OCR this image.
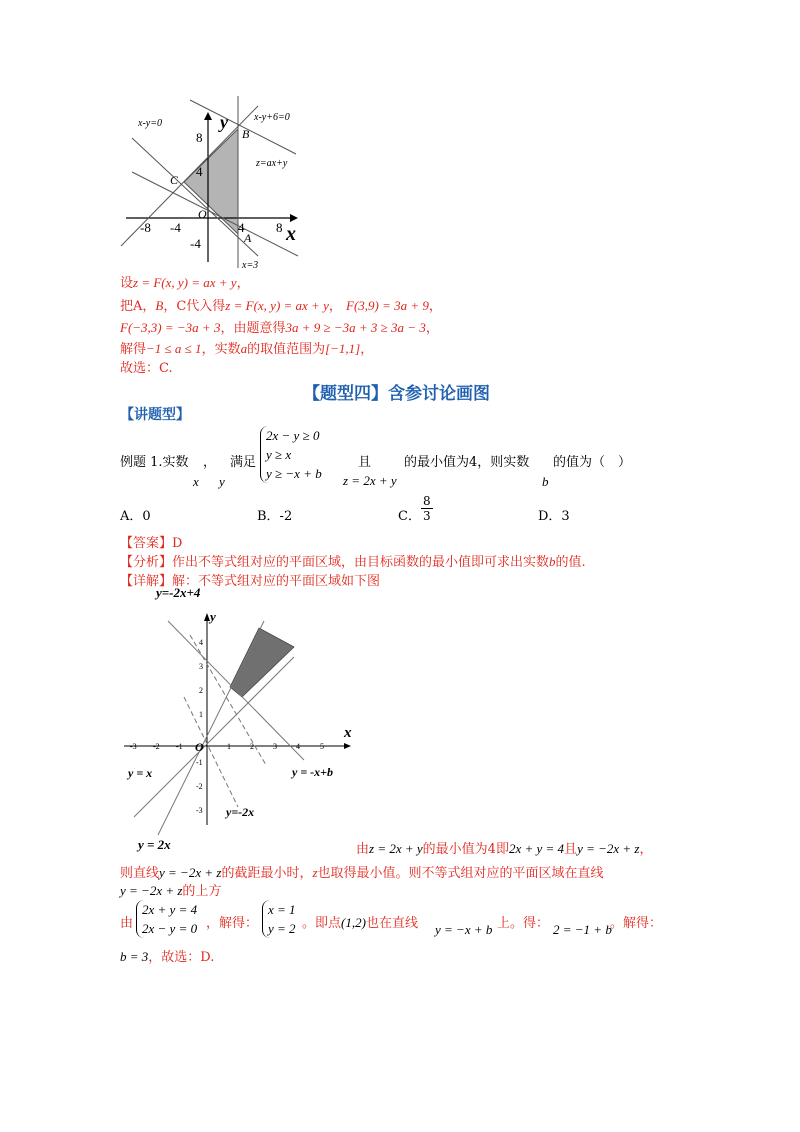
x-y=0
x-y+6=0
z=ax+y
x=3
x
y
O
A
B
C
-8 -4	4 8
8
4
-4
设z = F(x, y) = ax + y，
把A，B，C代入得z = F(x, y) = ax + y， F(3,9) = 3a + 9，
F(−3,3) = −3a + 3，由题意得3a + 9 ≥ −3a + 3 ≥ 3a − 3，
解得−1 ≤ a ≤ 1，实数a的取值范围为[−1,1]，
故选：C.
【题型四】含参讨论画图
【讲题型】
例题 1.实数 ， 满足
x y
2x − y ≥ 0
y ≥ x
y ≥ −x + b
且
z = 2x + y
的最小值为4，则实数 的值为（　）
b
A．0	B．-2	C． $\frac{8}{3}$	D．3
【答案】D
【分析】作出不等式组对应的平面区域，由目标函数的最小值即可求出实数b的值.
【详解】解：不等式组对应的平面区域如下图
-3 -2 -1	1 2 3 4	5
4
3
2
1
-1
-2
-3
y=-2x+4
x
y
O
y = x	y = -x+b
y=-2x
y = 2x	由z = 2x + y的最小值为4即2x + y = 4且y = −2x + z，
则直线y = −2x + z的截距最小时，z也取得最小值。则不等式组对应的平面区域在直线
y = −2x + z的上方
由
2x + y = 4
2x − y = 0 ，解得：
x = 1
y = 2 。即点(1,2)也在直线 y = −x + b 上。得： 2 = −1 + b
。解得：
b = 3，故选：D.
